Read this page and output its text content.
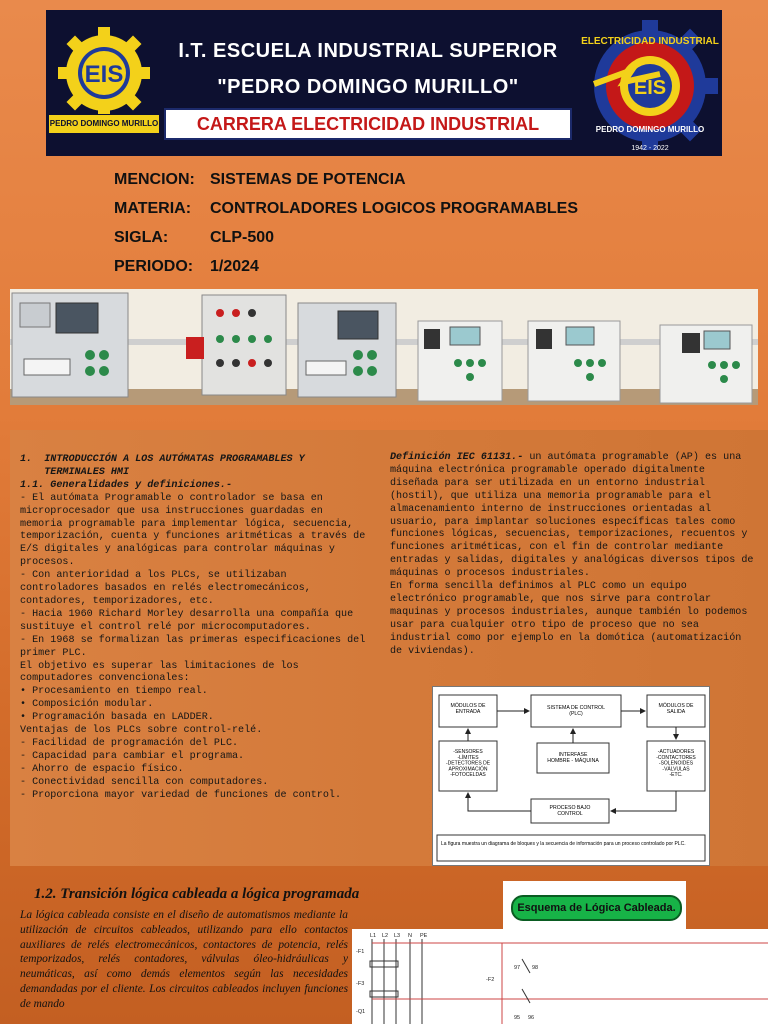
EIS
PEDRO DOMINGO MURILLO
I.T. ESCUELA INDUSTRIAL SUPERIOR
"PEDRO DOMINGO MURILLO"
CARRERA ELECTRICIDAD INDUSTRIAL
EIS
ELECTRICIDAD INDUSTRIAL
PEDRO DOMINGO MURILLO
1942 - 2022
MENCION: SISTEMAS DE POTENCIA
MATERIA: CONTROLADORES LOGICOS PROGRAMABLES
SIGLA:	CLP-500
PERIODO: 1/2024
1.  INTRODUCCIÓN A LOS AUTÓMATAS PROGRAMABLES Y
TERMINALES HMI
1.1. Generalidades y definiciones.-
- El autómata Programable o controlador se basa en microprocesador que usa instrucciones guardadas en memoria programable para implementar lógica, secuencia, temporización, cuenta y funciones aritméticas a través de E/S digitales y analógicas para controlar máquinas y procesos.
- Con anterioridad a los PLCs, se utilizaban controladores basados en relés electromecánicos, contadores, temporizadores, etc.
- Hacia 1960 Richard Morley desarrolla una compañía que sustituye el control relé por microcomputadores.
- En 1968 se formalizan las primeras especificaciones del primer PLC.
El objetivo es superar las limitaciones de los computadores convencionales:
• Procesamiento en tiempo real.
• Composición modular.
• Programación basada en LADDER.
Ventajas de los PLCs sobre control-relé.
- Facilidad de programación del PLC.
- Capacidad para cambiar el programa.
- Ahorro de espacio físico.
- Conectividad sencilla con computadores.
- Proporciona mayor variedad de funciones de control.
Definición IEC 61131.- un autómata programable (AP) es una máquina electrónica programable operado digitalmente diseñada para ser utilizada en un entorno industrial (hostil), que utiliza una memoria programable para el almacenamiento interno de instrucciones orientadas al usuario, para implantar soluciones específicas tales como funciones lógicas, secuencias, temporizaciones, recuentos y funciones aritméticas, con el fin de controlar mediante entradas y salidas, digitales y analógicas diversos tipos de máquinas o procesos industriales.
En forma sencilla definimos al PLC como un equipo electrónico programable, que nos sirve para controlar maquinas y procesos industriales, aunque también lo podemos usar para cualquier otro tipo de proceso que no sea industrial como por ejemplo en la domótica (automatización de viviendas).
MÓDULOS DE ENTRADA
SISTEMA DE CONTROL (PLC)
MÓDULOS DE SALIDA
-SENSORES -LÍMITES -DETECTORES DE APROXIMACIÓN -FOTOCELDAS
INTERFASE HOMBRE - MÁQUINA
-ACTUADORES -CONTACTORES -SOLENOIDES -VÁLVULAS -ETC.
PROCESO BAJO CONTROL
La figura muestra un diagrama de bloques y la secuencia de información para un proceso controlado por PLC.
1.2. Transición lógica cableada a lógica programada
La lógica cableada consiste en el diseño de automatismos mediante la utilización de circuitos cableados, utilizando para ello contactos auxiliares de relés electromecánicos, contactores de potencia, relés temporizados, relés contadores, válvulas óleo-hidráulicas y neumáticas, así como demás elementos según las necesidades demandadas por el cliente. Los circuitos cableados incluyen funciones de mando
Esquema de Lógica Cableada.
L1 L2 L3 N PE
-F1
-F2
-F3
-Q1
95 96
97 98
